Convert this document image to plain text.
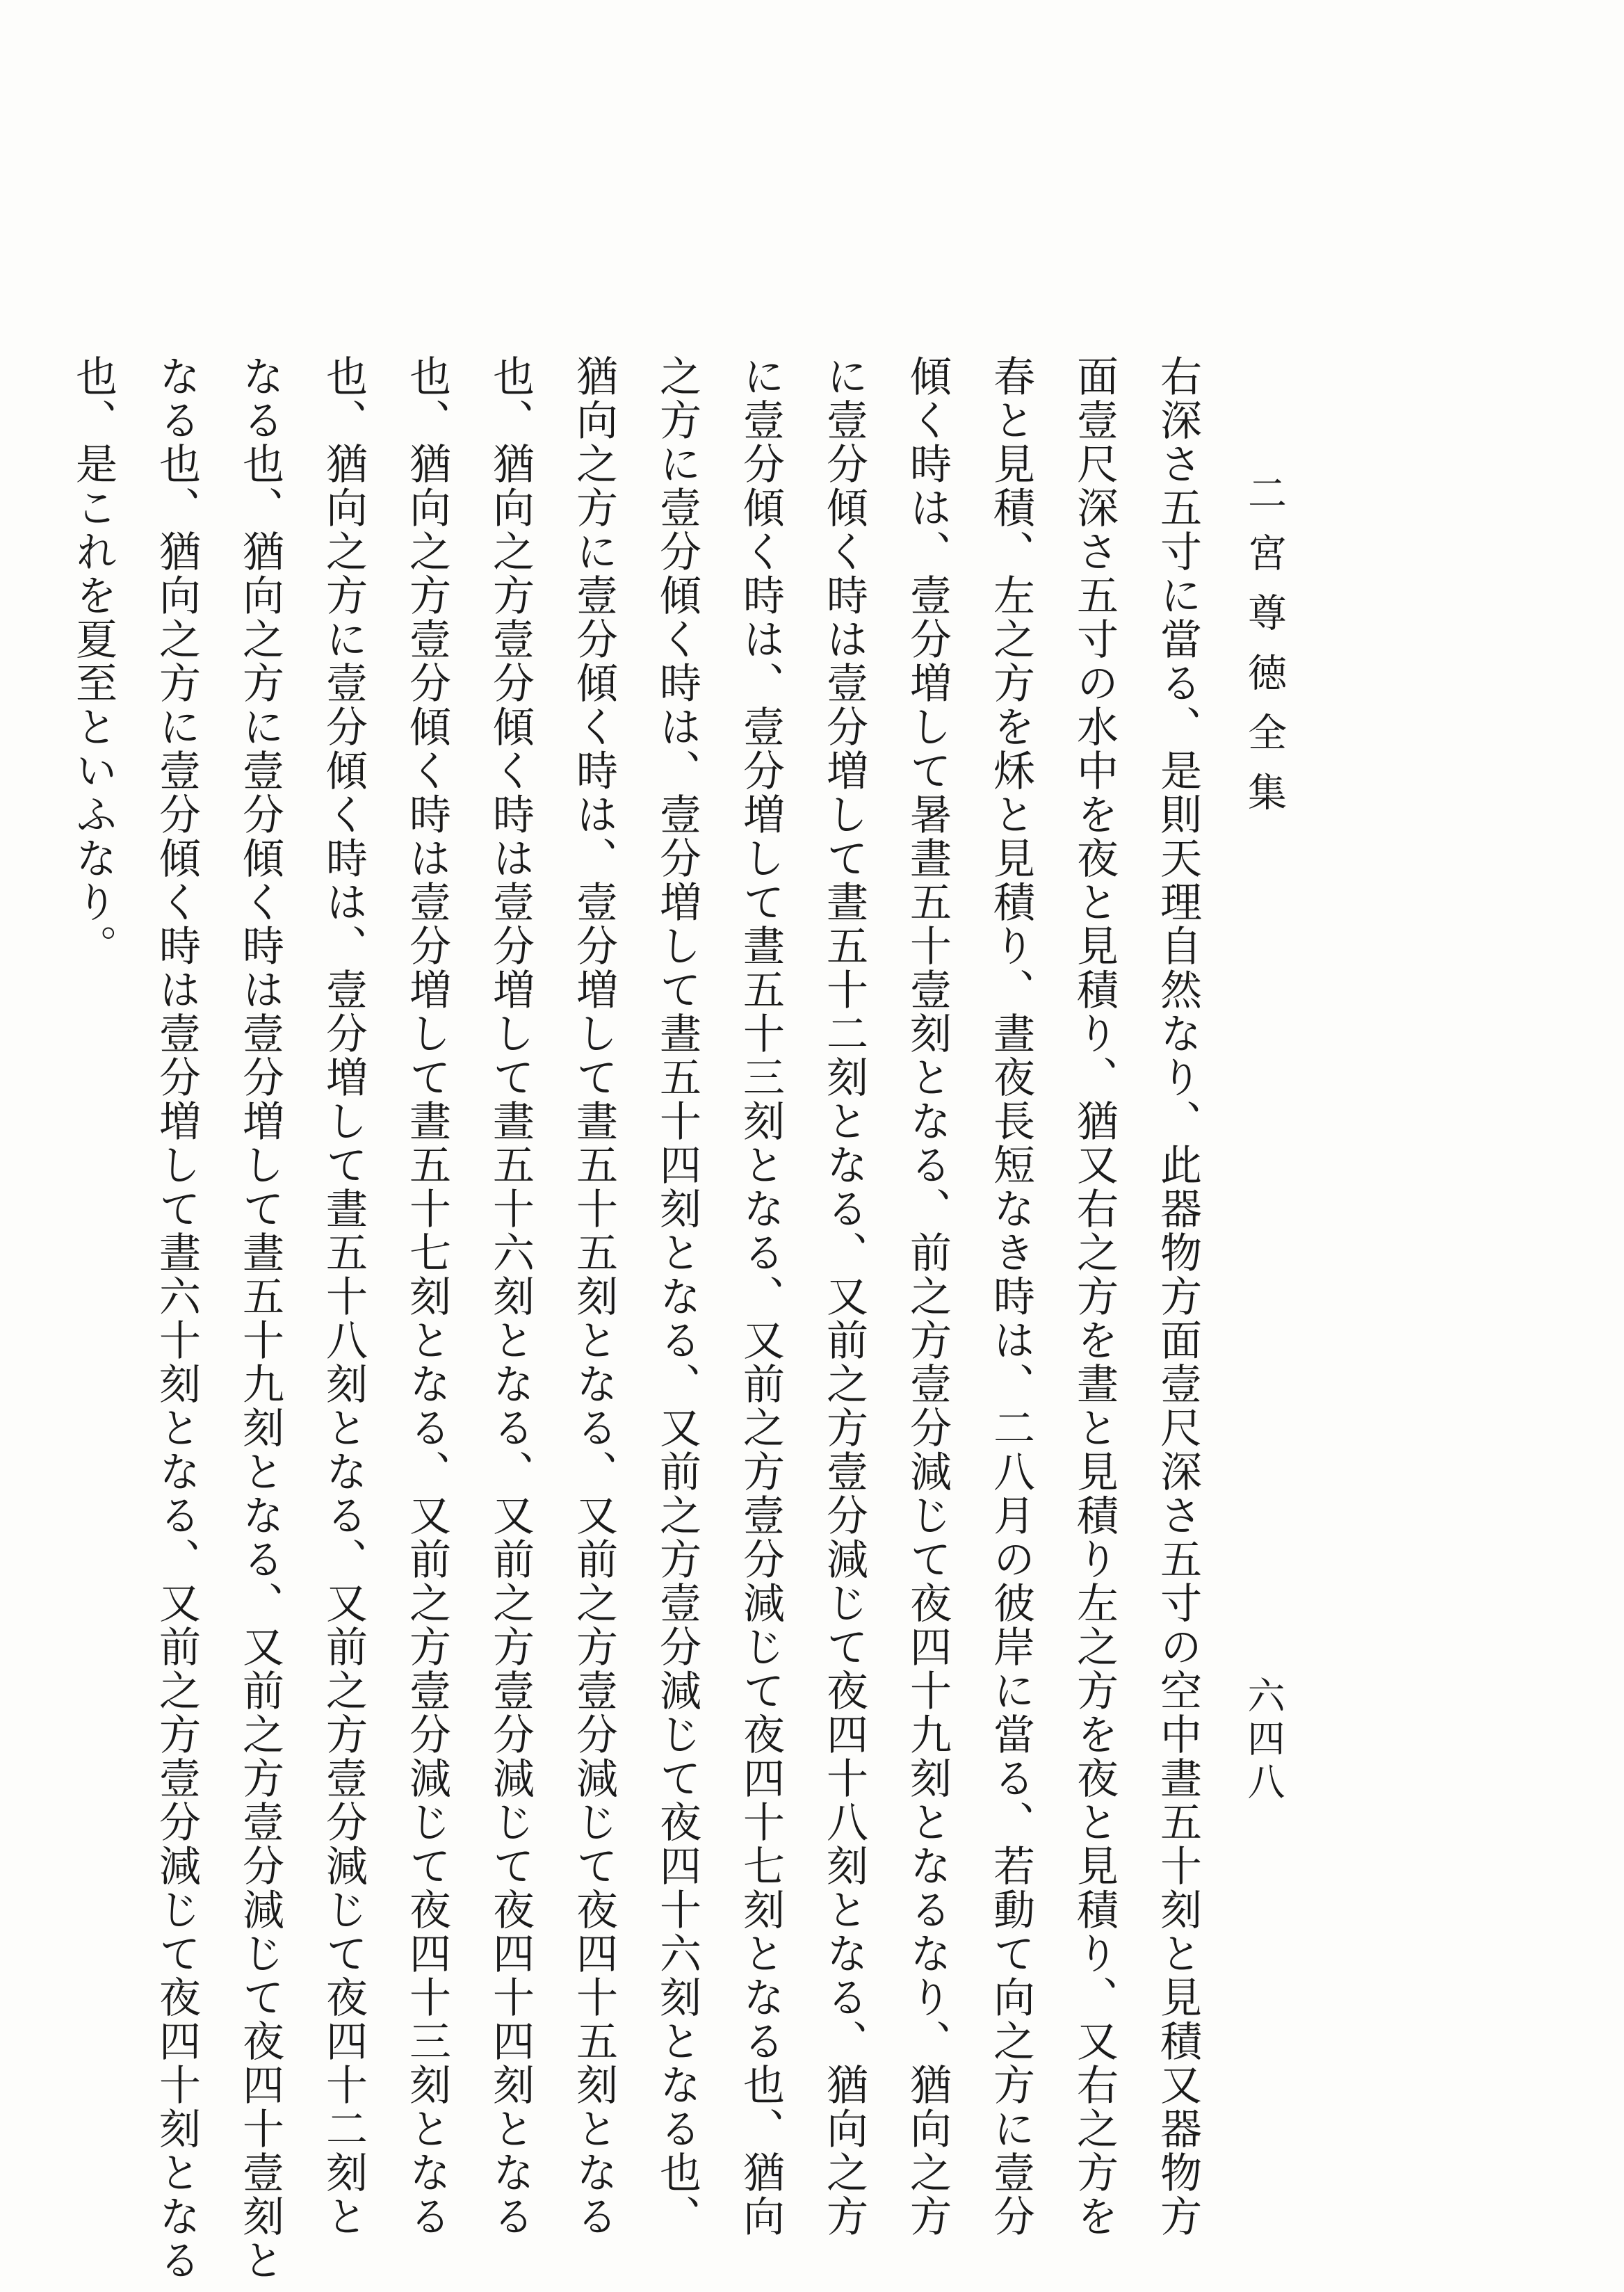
二宮尊徳全集
六四八
右深さ五寸に當る、是則天理自然なり、此器物方面壹尺深さ五寸の空中晝五十刻と見積又器物方
面壹尺深さ五寸の水中を夜と見積り、猶又右之方を晝と見積り左之方を夜と見積り、又右之方を
春と見積、左之方を秌と見積り、晝夜長短なき時は、二八月の彼岸に當る、若動て向之方に壹分
傾く時は、壹分増して暑晝五十壹刻となる、前之方壹分減じて夜四十九刻となるなり、猶向之方
に壹分傾く時は壹分増して晝五十二刻となる、又前之方壹分減じて夜四十八刻となる、猶向之方
に壹分傾く時は、壹分増して晝五十三刻となる、又前之方壹分減じて夜四十七刻となる也、猶向
之方に壹分傾く時は、壹分増して晝五十四刻となる、又前之方壹分減じて夜四十六刻となる也、
猶向之方に壹分傾く時は、壹分増して晝五十五刻となる、又前之方壹分減じて夜四十五刻となる
也、猶向之方壹分傾く時は壹分増して晝五十六刻となる、又前之方壹分減じて夜四十四刻となる
也、猶向之方壹分傾く時は壹分増して晝五十七刻となる、又前之方壹分減じて夜四十三刻となる
也、猶向之方に壹分傾く時は、壹分増して晝五十八刻となる、又前之方壹分減じて夜四十二刻と
なる也、猶向之方に壹分傾く時は壹分増して晝五十九刻となる、又前之方壹分減じて夜四十壹刻と
なる也、猶向之方に壹分傾く時は壹分増して晝六十刻となる、又前之方壹分減じて夜四十刻となる
也、是これを夏至といふなり。
